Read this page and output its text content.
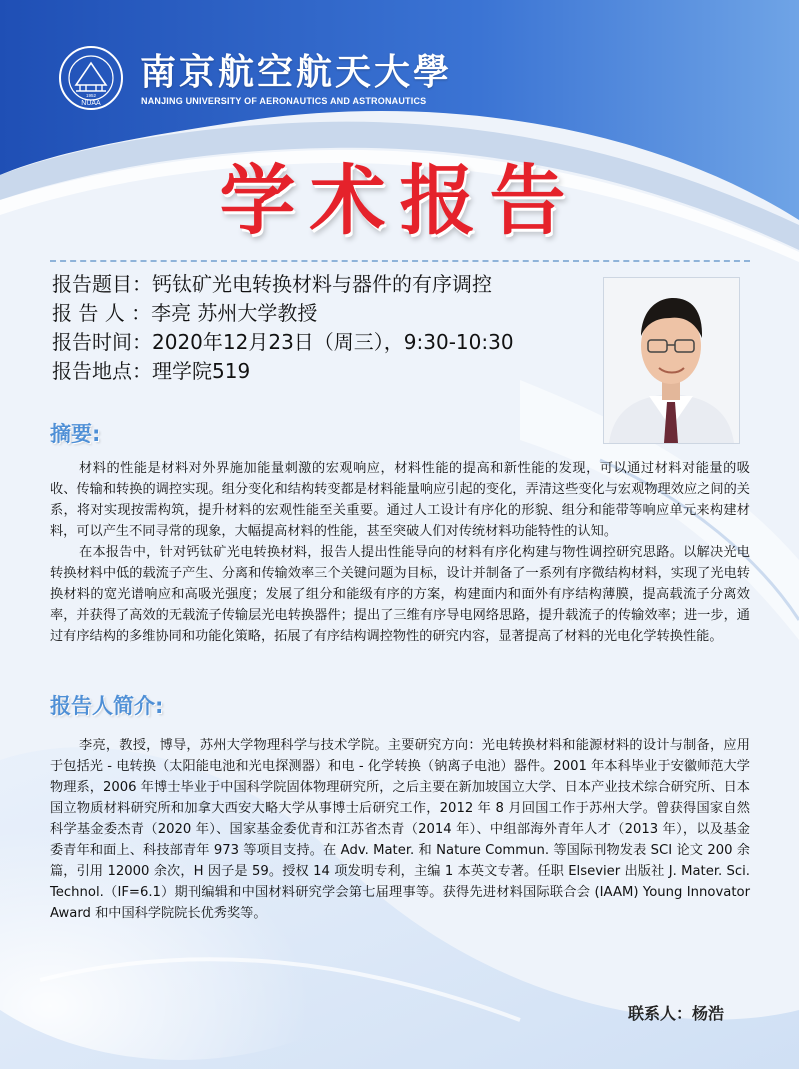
NUAA
1952
南京航空航天大學
NANJING UNIVERSITY OF AERONAUTICS AND ASTRONAUTICS
学术报告
报告题目：钙钛矿光电转换材料与器件的有序调控
报 告 人 ：李亮 苏州大学教授
报告时间：2020年12月23日（周三），9:30-10:30
报告地点：理学院519
摘要:

材料的性能是材料对外界施加能量刺激的宏观响应，材料性能的提高和新性能的发现，可以通过材料对能量的吸收、传输和转换的调控实现。组分变化和结构转变都是材料能量响应引起的变化，弄清这些变化与宏观物理效应之间的关系，将对实现按需构筑，提升材料的宏观性能至关重要。通过人工设计有序化的形貌、组分和能带等响应单元来构建材料，可以产生不同寻常的现象，大幅提高材料的性能，甚至突破人们对传统材料功能特性的认知。

在本报告中，针对钙钛矿光电转换材料，报告人提出性能导向的材料有序化构建与物性调控研究思路。以解决光电转换材料中低的载流子产生、分离和传输效率三个关键问题为目标，设计并制备了一系列有序微结构材料，实现了光电转换材料的宽光谱响应和高吸光强度；发展了组分和能级有序的方案，构建面内和面外有序结构薄膜，提高载流子分离效率，并获得了高效的无载流子传输层光电转换器件；提出了三维有序导电网络思路，提升载流子的传输效率；进一步，通过有序结构的多维协同和功能化策略，拓展了有序结构调控物性的研究内容，显著提高了材料的光电化学转换性能。

报告人简介:

李亮，教授，博导，苏州大学物理科学与技术学院。主要研究方向：光电转换材料和能源材料的设计与制备，应用于包括光 - 电转换（太阳能电池和光电探测器）和电 - 化学转换（钠离子电池）器件。2001 年本科毕业于安徽师范大学物理系，2006 年博士毕业于中国科学院固体物理研究所，之后主要在新加坡国立大学、日本产业技术综合研究所、日本国立物质材料研究所和加拿大西安大略大学从事博士后研究工作，2012 年 8 月回国工作于苏州大学。曾获得国家自然科学基金委杰青（2020 年）、国家基金委优青和江苏省杰青（2014 年）、中组部海外青年人才（2013 年），以及基金委青年和面上、科技部青年 973 等项目支持。在 Adv. Mater. 和 Nature Commun. 等国际刊物发表 SCI 论文 200 余篇，引用 12000 余次，H 因子是 59。授权 14 项发明专利，主编 1 本英文专著。任职 Elsevier 出版社 J. Mater. Sci. Technol.（IF=6.1）期刊编辑和中国材料研究学会第七届理事等。获得先进材料国际联合会 (IAAM) Young Innovator Award 和中国科学院院长优秀奖等。

联系人：杨浩
